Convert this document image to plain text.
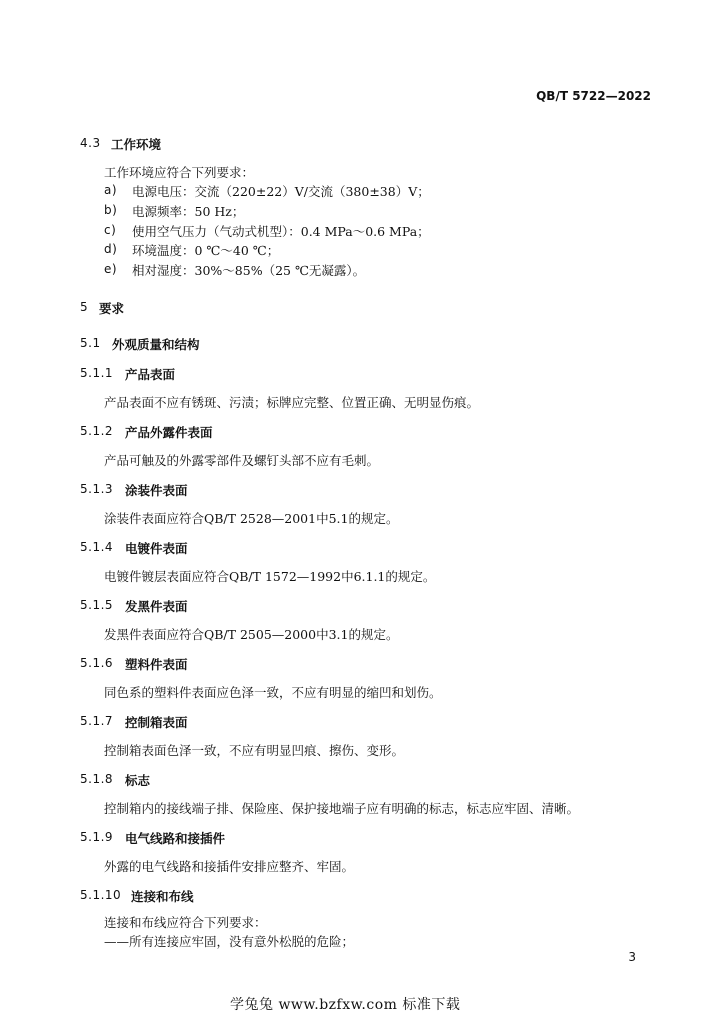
QB/T 5722—2022
4.3 工作环境
工作环境应符合下列要求：
a) 电源电压：交流（220±22）V/交流（380±38）V；
b) 电源频率：50 Hz；
c) 使用空气压力（气动式机型）：0.4 MPa～0.6 MPa；
d) 环境温度：0 ℃～40 ℃；
e) 相对湿度：30%～85%（25 ℃无凝露）。
5 要求
5.1 外观质量和结构
5.1.1 产品表面
产品表面不应有锈斑、污渍；标牌应完整、位置正确、无明显伤痕。
5.1.2 产品外露件表面
产品可触及的外露零部件及螺钉头部不应有毛刺。
5.1.3 涂装件表面
涂装件表面应符合QB/T 2528—2001中5.1的规定。
5.1.4 电镀件表面
电镀件镀层表面应符合QB/T 1572—1992中6.1.1的规定。
5.1.5 发黑件表面
发黑件表面应符合QB/T 2505—2000中3.1的规定。
5.1.6 塑料件表面
同色系的塑料件表面应色泽一致，不应有明显的缩凹和划伤。
5.1.7 控制箱表面
控制箱表面色泽一致，不应有明显凹痕、擦伤、变形。
5.1.8 标志
控制箱内的接线端子排、保险座、保护接地端子应有明确的标志，标志应牢固、清晰。
5.1.9 电气线路和接插件
外露的电气线路和接插件安排应整齐、牢固。
5.1.10 连接和布线
连接和布线应符合下列要求：
——所有连接应牢固，没有意外松脱的危险；
3
学兔兔 www.bzfxw.com 标准下载
